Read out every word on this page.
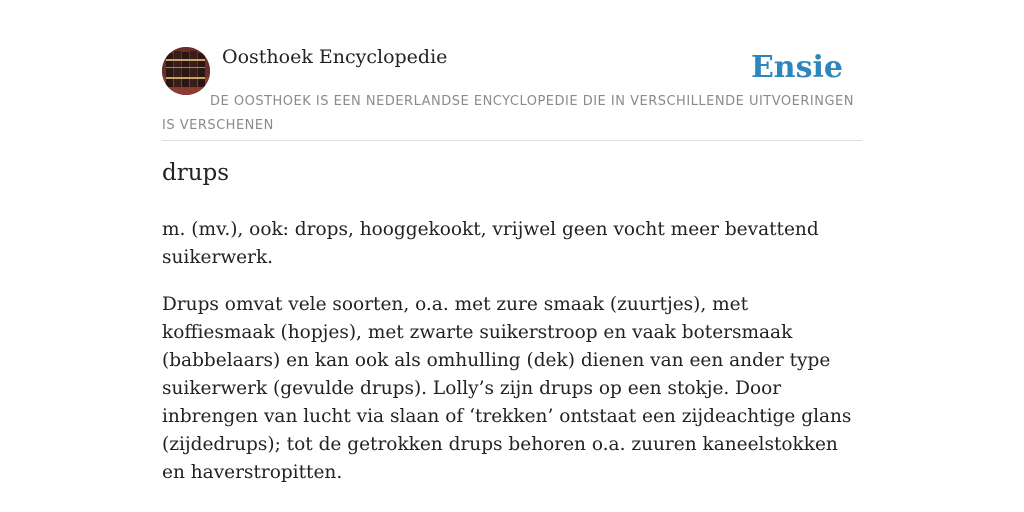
Oosthoek Encyclopedie	Ensie

DE OOSTHOEK IS EEN NEDERLANDSE ENCYCLOPEDIE DIE IN VERSCHILLENDE UITVOERINGEN IS VERSCHENEN

drups

m. (mv.), ook: drops, hooggekookt, vrijwel geen vocht meer bevattend suikerwerk.

Drups omvat vele soorten, o.a. met zure smaak (zuurtjes), met koffiesmaak (hopjes), met zwarte suikerstroop en vaak botersmaak (babbelaars) en kan ook als omhulling (dek) dienen van een ander type suikerwerk (gevulde drups). Lolly’s zijn drups op een stokje. Door inbrengen van lucht via slaan of ‘trekken’ ontstaat een zijdeachtige glans (zijdedrups); tot de getrokken drups behoren o.a. zuuren kaneelstokken en haverstropitten.
